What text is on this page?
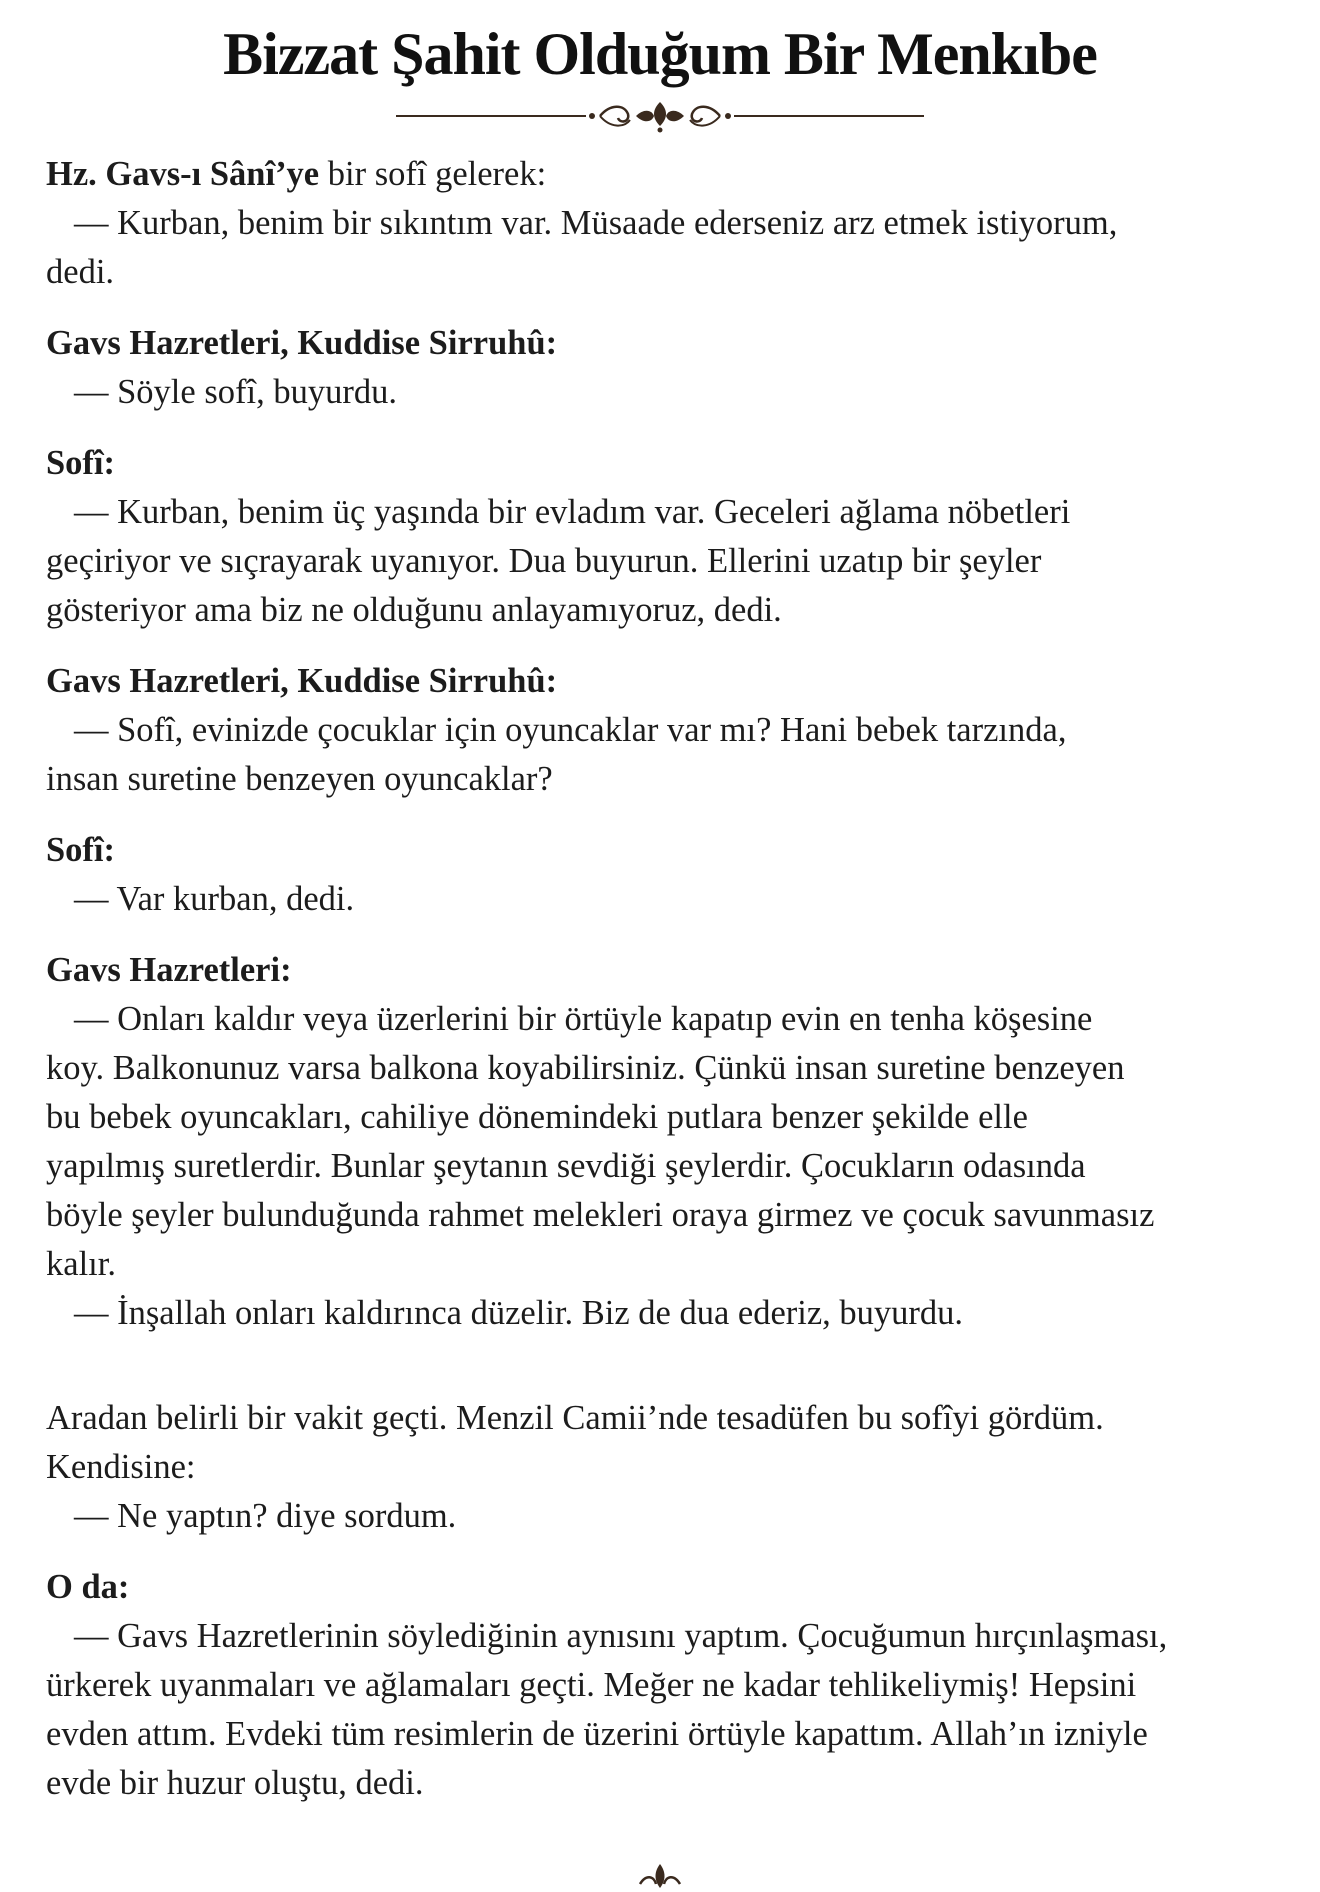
Bizzat Şahit Olduğum Bir Menkıbe

Hz. Gavs-ı Sânî’ye bir sofî gelerek:

— Kurban, benim bir sıkıntım var. Müsaade ederseniz arz etmek istiyorum,

dedi.

Gavs Hazretleri, Kuddise Sirruhû:

— Söyle sofî, buyurdu.

Sofî:

— Kurban, benim üç yaşında bir evladım var. Geceleri ağlama nöbetleri

geçiriyor ve sıçrayarak uyanıyor. Dua buyurun. Ellerini uzatıp bir şeyler

gösteriyor ama biz ne olduğunu anlayamıyoruz, dedi.

Gavs Hazretleri, Kuddise Sirruhû:

— Sofî, evinizde çocuklar için oyuncaklar var mı? Hani bebek tarzında,

insan suretine benzeyen oyuncaklar?

Sofî:

— Var kurban, dedi.

Gavs Hazretleri:

— Onları kaldır veya üzerlerini bir örtüyle kapatıp evin en tenha köşesine

koy. Balkonunuz varsa balkona koyabilirsiniz. Çünkü insan suretine benzeyen

bu bebek oyuncakları, cahiliye dönemindeki putlara benzer şekilde elle

yapılmış suretlerdir. Bunlar şeytanın sevdiği şeylerdir. Çocukların odasında

böyle şeyler bulunduğunda rahmet melekleri oraya girmez ve çocuk savunmasız

kalır.

— İnşallah onları kaldırınca düzelir. Biz de dua ederiz, buyurdu.

Aradan belirli bir vakit geçti. Menzil Camii’nde tesadüfen bu sofîyi gördüm.

Kendisine:

— Ne yaptın? diye sordum.

O da:

— Gavs Hazretlerinin söylediğinin aynısını yaptım. Çocuğumun hırçınlaşması,

ürkerek uyanmaları ve ağlamaları geçti. Meğer ne kadar tehlikeliymiş! Hepsini

evden attım. Evdeki tüm resimlerin de üzerini örtüyle kapattım. Allah’ın izniyle

evde bir huzur oluştu, dedi.
